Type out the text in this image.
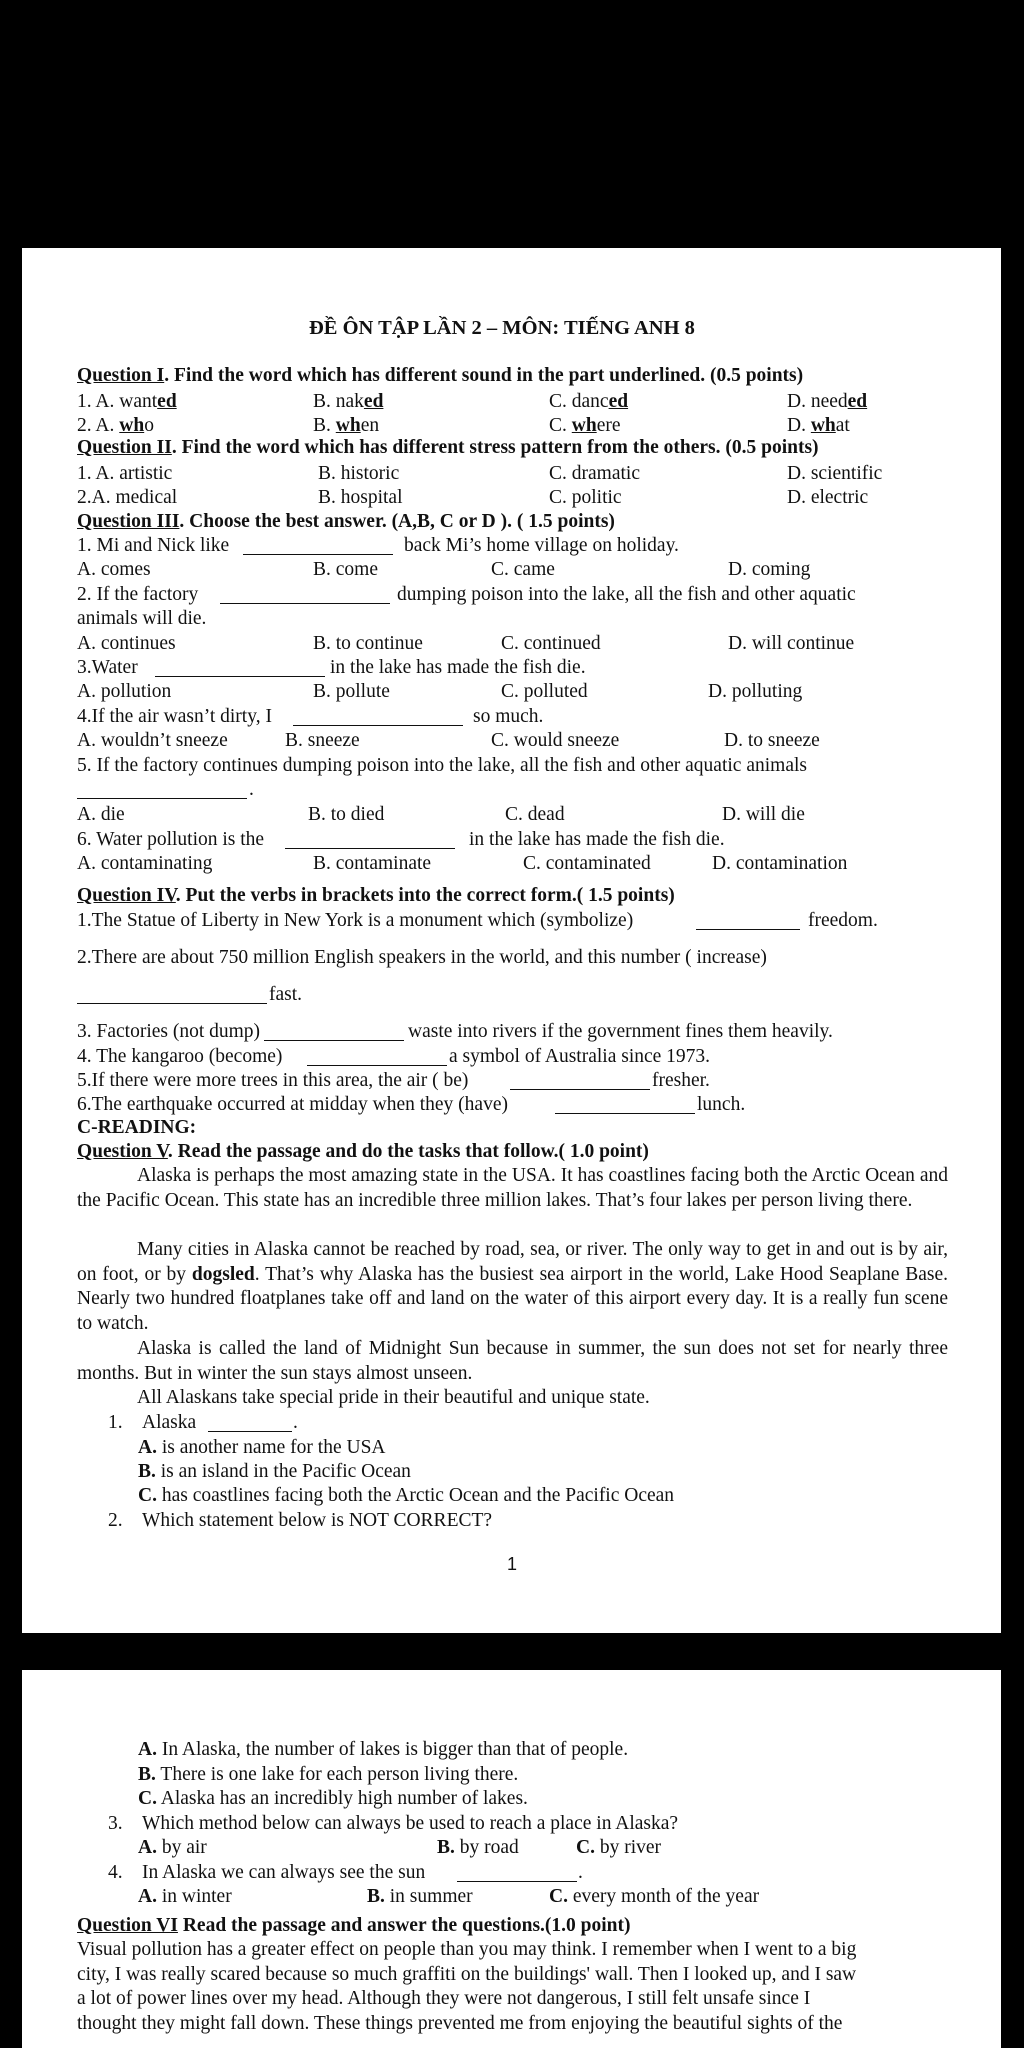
ĐỀ ÔN TẬP LẦN 2 – MÔN: TIẾNG ANH 8
Question I. Find the word which has different sound in the part underlined. (0.5 points)
1. A. wanted	B. naked	C. danced	D. needed
2. A. who	B. when	C. where	D. what
Question II. Find the word which has different stress pattern from the others. (0.5 points)
1. A. artistic	B. historic	C. dramatic	D. scientific
2.A. medical	B. hospital	C. politic	D. electric
Question III. Choose the best answer. (A,B, C or D ). ( 1.5 points)
1. Mi and Nick like	back Mi’s home village on holiday.
A. comes	B. come	C. came	D. coming
2. If the factory	dumping poison into the lake, all the fish and other aquatic
animals will die.
A. continues	B. to continue	C. continued	D. will continue
3.Water	in the lake has made the fish die.
A. pollution	B. pollute	C. polluted	D. polluting
4.If the air wasn’t dirty, I	so much.
A. wouldn’t sneeze	B. sneeze	C. would sneeze	D. to sneeze
5. If the factory continues dumping poison into the lake, all the fish and other aquatic animals
.
A. die	B. to died	C. dead	D. will die
6. Water pollution is the	in the lake has made the fish die.
A. contaminating	B. contaminate	C. contaminated	D. contamination
Question IV. Put the verbs in brackets into the correct form.( 1.5 points)
1.The Statue of Liberty in New York is a monument which (symbolize)	freedom.
2.There are about 750 million English speakers in the world, and this number ( increase)
fast.
3. Factories (not dump)	waste into rivers if the government fines them heavily.
4. The kangaroo (become)	a symbol of Australia since 1973.
5.If there were more trees in this area, the air ( be)	fresher.
6.The earthquake occurred at midday when they (have)	lunch.
C-READING:
Question V. Read the passage and do the tasks that follow.( 1.0 point)
Alaska is perhaps the most amazing state in the USA. It has coastlines facing both the Arctic Ocean and the Pacific Ocean. This state has an incredible three million lakes. That’s four lakes per person living there.
Many cities in Alaska cannot be reached by road, sea, or river. The only way to get in and out is by air, on foot, or by dogsled. That’s why Alaska has the busiest sea airport in the world, Lake Hood Seaplane Base. Nearly two hundred floatplanes take off and land on the water of this airport every day. It is a really fun scene to watch.
Alaska is called the land of Midnight Sun because in summer, the sun does not set for nearly three months. But in winter the sun stays almost unseen.
All Alaskans take special pride in their beautiful and unique state.
1. Alaska	.
A. is another name for the USA
B. is an island in the Pacific Ocean
C. has coastlines facing both the Arctic Ocean and the Pacific Ocean
2. Which statement below is NOT CORRECT?
1
A. In Alaska, the number of lakes is bigger than that of people.
B. There is one lake for each person living there.
C. Alaska has an incredibly high number of lakes.
3. Which method below can always be used to reach a place in Alaska?
A. by air	B. by road	C. by river
4. In Alaska we can always see the sun	.
A. in winter	B. in summer	C. every month of the year
Question VI Read the passage and answer the questions.(1.0 point)
Visual pollution has a greater effect on people than you may think. I remember when I went to a big
city, I was really scared because so much graffiti on the buildings' wall. Then I looked up, and I saw
a lot of power lines over my head. Although they were not dangerous, I still felt unsafe since I
thought they might fall down. These things prevented me from enjoying the beautiful sights of the
